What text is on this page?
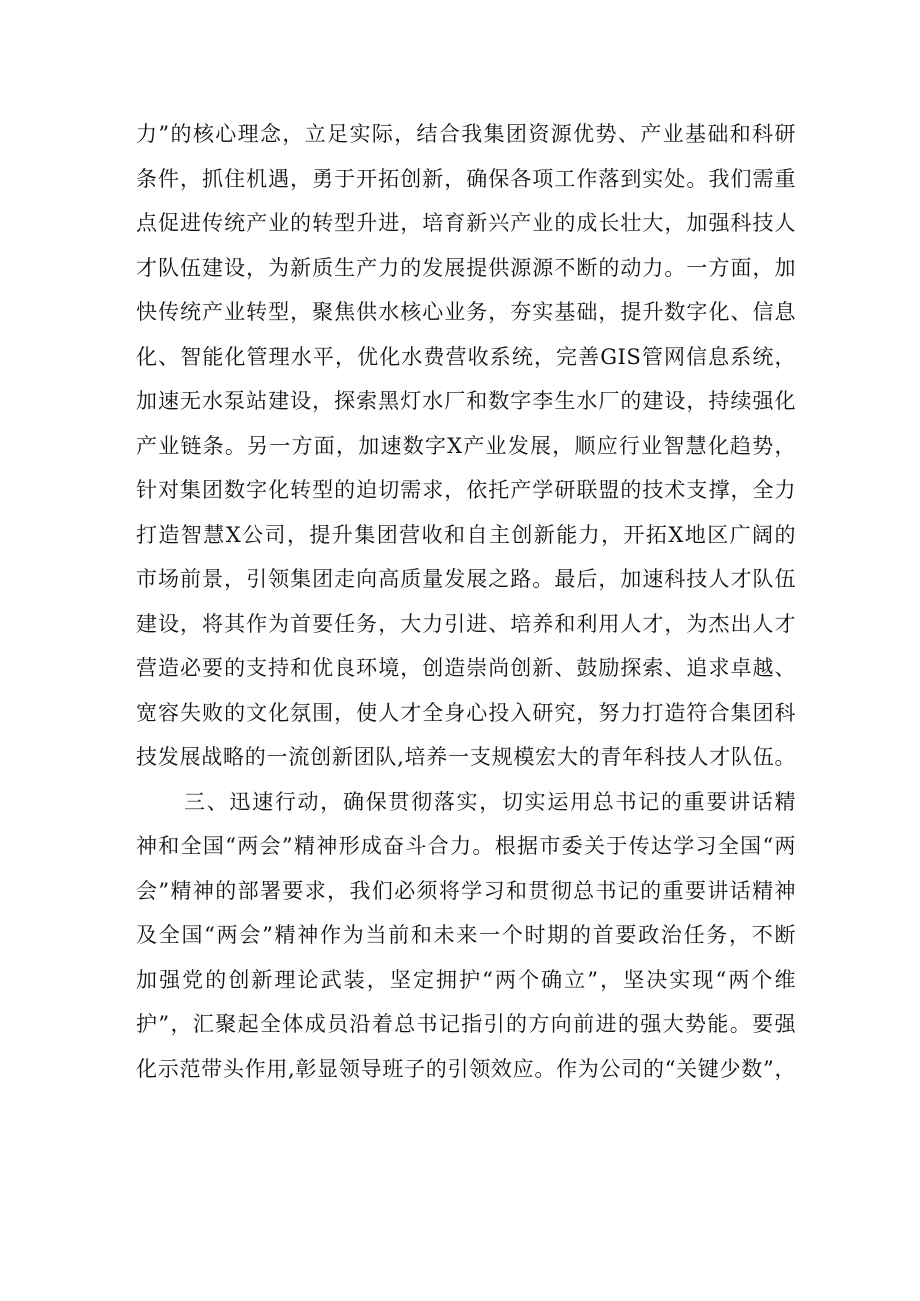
力”的核心理念，立足实际，结合我集团资源优势、产业基础和科研
条件，抓住机遇，勇于开拓创新，确保各项工作落到实处。我们需重
点促进传统产业的转型升进，培育新兴产业的成长壮大，加强科技人
才队伍建设，为新质生产力的发展提供源源不断的动力。一方面，加
快传统产业转型，聚焦供水核心业务，夯实基础，提升数字化、信息
化、智能化管理水平，优化水费营收系统，完善GIS管网信息系统，
加速无水泵站建设，探索黑灯水厂和数字李生水厂的建设，持续强化
产业链条。另一方面，加速数字X产业发展，顺应行业智慧化趋势，
针对集团数字化转型的迫切需求，依托产学研联盟的技术支撑，全力
打造智慧X公司，提升集团营收和自主创新能力，开拓X地区广阔的
市场前景，引领集团走向高质量发展之路。最后，加速科技人才队伍
建设，将其作为首要任务，大力引进、培养和利用人才，为杰出人才
营造必要的支持和优良环境，创造崇尚创新、鼓励探索、追求卓越、
宽容失败的文化氛围，使人才全身心投入研究，努力打造符合集团科
技发展战略的一流创新团队,培养一支规模宏大的青年科技人才队伍。
三、迅速行动，确保贯彻落实，切实运用总书记的重要讲话精
神和全国“两会”精神形成奋斗合力。根据市委关于传达学习全国“两
会”精神的部署要求，我们必须将学习和贯彻总书记的重要讲话精神
及全国“两会”精神作为当前和未来一个时期的首要政治任务，不断
加强党的创新理论武装，坚定拥护“两个确立”，坚决实现“两个维
护”，汇聚起全体成员沿着总书记指引的方向前进的强大势能。要强
化示范带头作用,彰显领导班子的引领效应。作为公司的“关键少数”，
